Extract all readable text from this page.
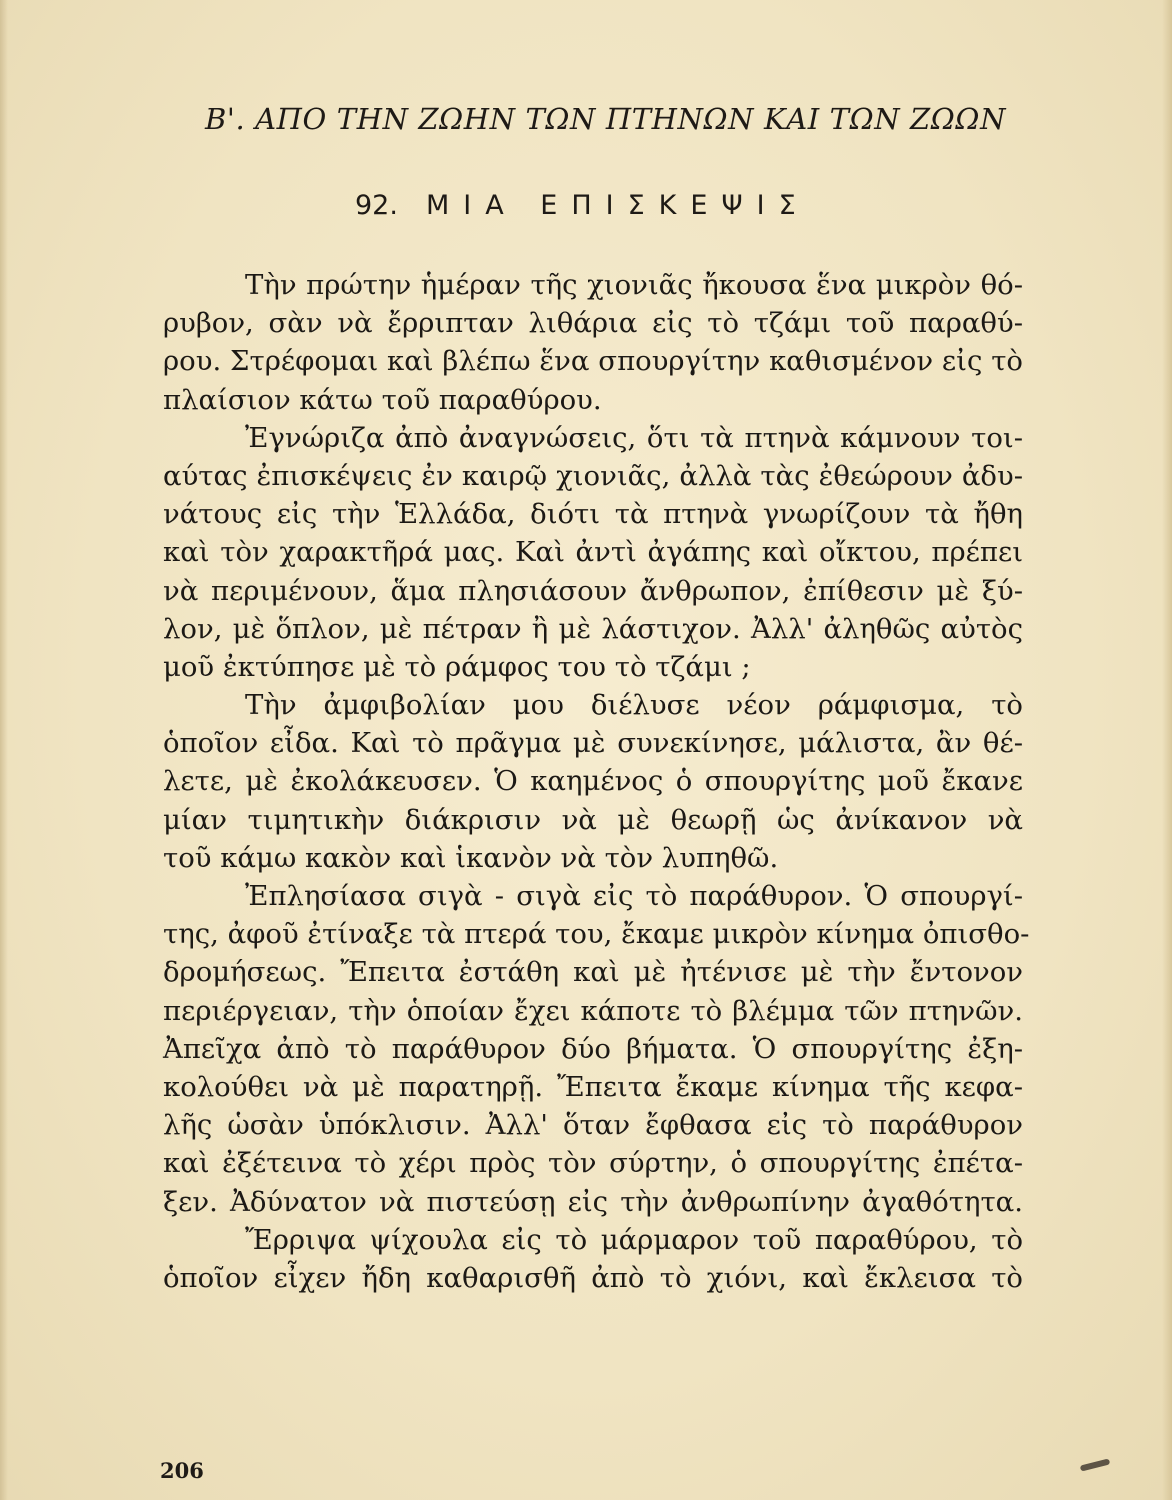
Β'. ΑΠΟ ΤΗΝ ΖΩΗΝ ΤΩΝ ΠΤΗΝΩΝ ΚΑΙ ΤΩΝ ΖΩΩΝ
92. ΜΙΑ ΕΠΙΣΚΕΨΙΣ

Τὴν πρώτην ἡμέραν τῆς χιονιᾶς ἤκουσα ἕνα μικρὸν θό-
ρυβον, σὰν νὰ ἔρριπταν λιθάρια εἰς τὸ τζάμι τοῦ παραθύ-
ρου. Στρέφομαι καὶ βλέπω ἕνα σπουργίτην καθισμένον εἰς τὸ
πλαίσιον κάτω τοῦ παραθύρου.

Ἐγνώριζα ἀπὸ ἀναγνώσεις, ὅτι τὰ πτηνὰ κάμνουν τοι-
αύτας ἐπισκέψεις ἐν καιρῷ χιονιᾶς, ἀλλὰ τὰς ἐθεώρουν ἀδυ-
νάτους εἰς τὴν Ἑλλάδα, διότι τὰ πτηνὰ γνωρίζουν τὰ ἤθη
καὶ τὸν χαρακτῆρά μας. Καὶ ἀντὶ ἀγάπης καὶ οἴκτου, πρέπει
νὰ περιμένουν, ἅμα πλησιάσουν ἄνθρωπον, ἐπίθεσιν μὲ ξύ-
λον, μὲ ὅπλον, μὲ πέτραν ἢ μὲ λάστιχον. Ἀλλ' ἀληθῶς αὐτὸς
μοῦ ἐκτύπησε μὲ τὸ ράμφος του τὸ τζάμι ;

Τὴν ἀμφιβολίαν μου διέλυσε νέον ράμφισμα, τὸ
ὁποῖον εἶδα. Καὶ τὸ πρᾶγμα μὲ συνεκίνησε, μάλιστα, ἂν θέ-
λετε, μὲ ἐκολάκευσεν. Ὁ καημένος ὁ σπουργίτης μοῦ ἔκανε
μίαν τιμητικὴν διάκρισιν νὰ μὲ θεωρῇ ὡς ἀνίκανον νὰ
τοῦ κάμω κακὸν καὶ ἱκανὸν νὰ τὸν λυπηθῶ.

Ἐπλησίασα σιγὰ - σιγὰ εἰς τὸ παράθυρον. Ὁ σπουργί-
της, ἀφοῦ ἐτίναξε τὰ πτερά του, ἔκαμε μικρὸν κίνημα ὀπισθο-
δρομήσεως. Ἔπειτα ἐστάθη καὶ μὲ ἠτένισε μὲ τὴν ἔντονον
περιέργειαν, τὴν ὁποίαν ἔχει κάποτε τὸ βλέμμα τῶν πτηνῶν.
Ἀπεῖχα ἀπὸ τὸ παράθυρον δύο βήματα. Ὁ σπουργίτης ἐξη-
κολούθει νὰ μὲ παρατηρῇ. Ἔπειτα ἔκαμε κίνημα τῆς κεφα-
λῆς ὡσὰν ὑπόκλισιν. Ἀλλ' ὅταν ἔφθασα εἰς τὸ παράθυρον
καὶ ἐξέτεινα τὸ χέρι πρὸς τὸν σύρτην, ὁ σπουργίτης ἐπέτα-
ξεν. Ἀδύνατον νὰ πιστεύσῃ εἰς τὴν ἀνθρωπίνην ἀγαθότητα.

Ἔρριψα ψίχουλα εἰς τὸ μάρμαρον τοῦ παραθύρου, τὸ
ὁποῖον εἶχεν ἤδη καθαρισθῆ ἀπὸ τὸ χιόνι, καὶ ἔκλεισα τὸ

206
